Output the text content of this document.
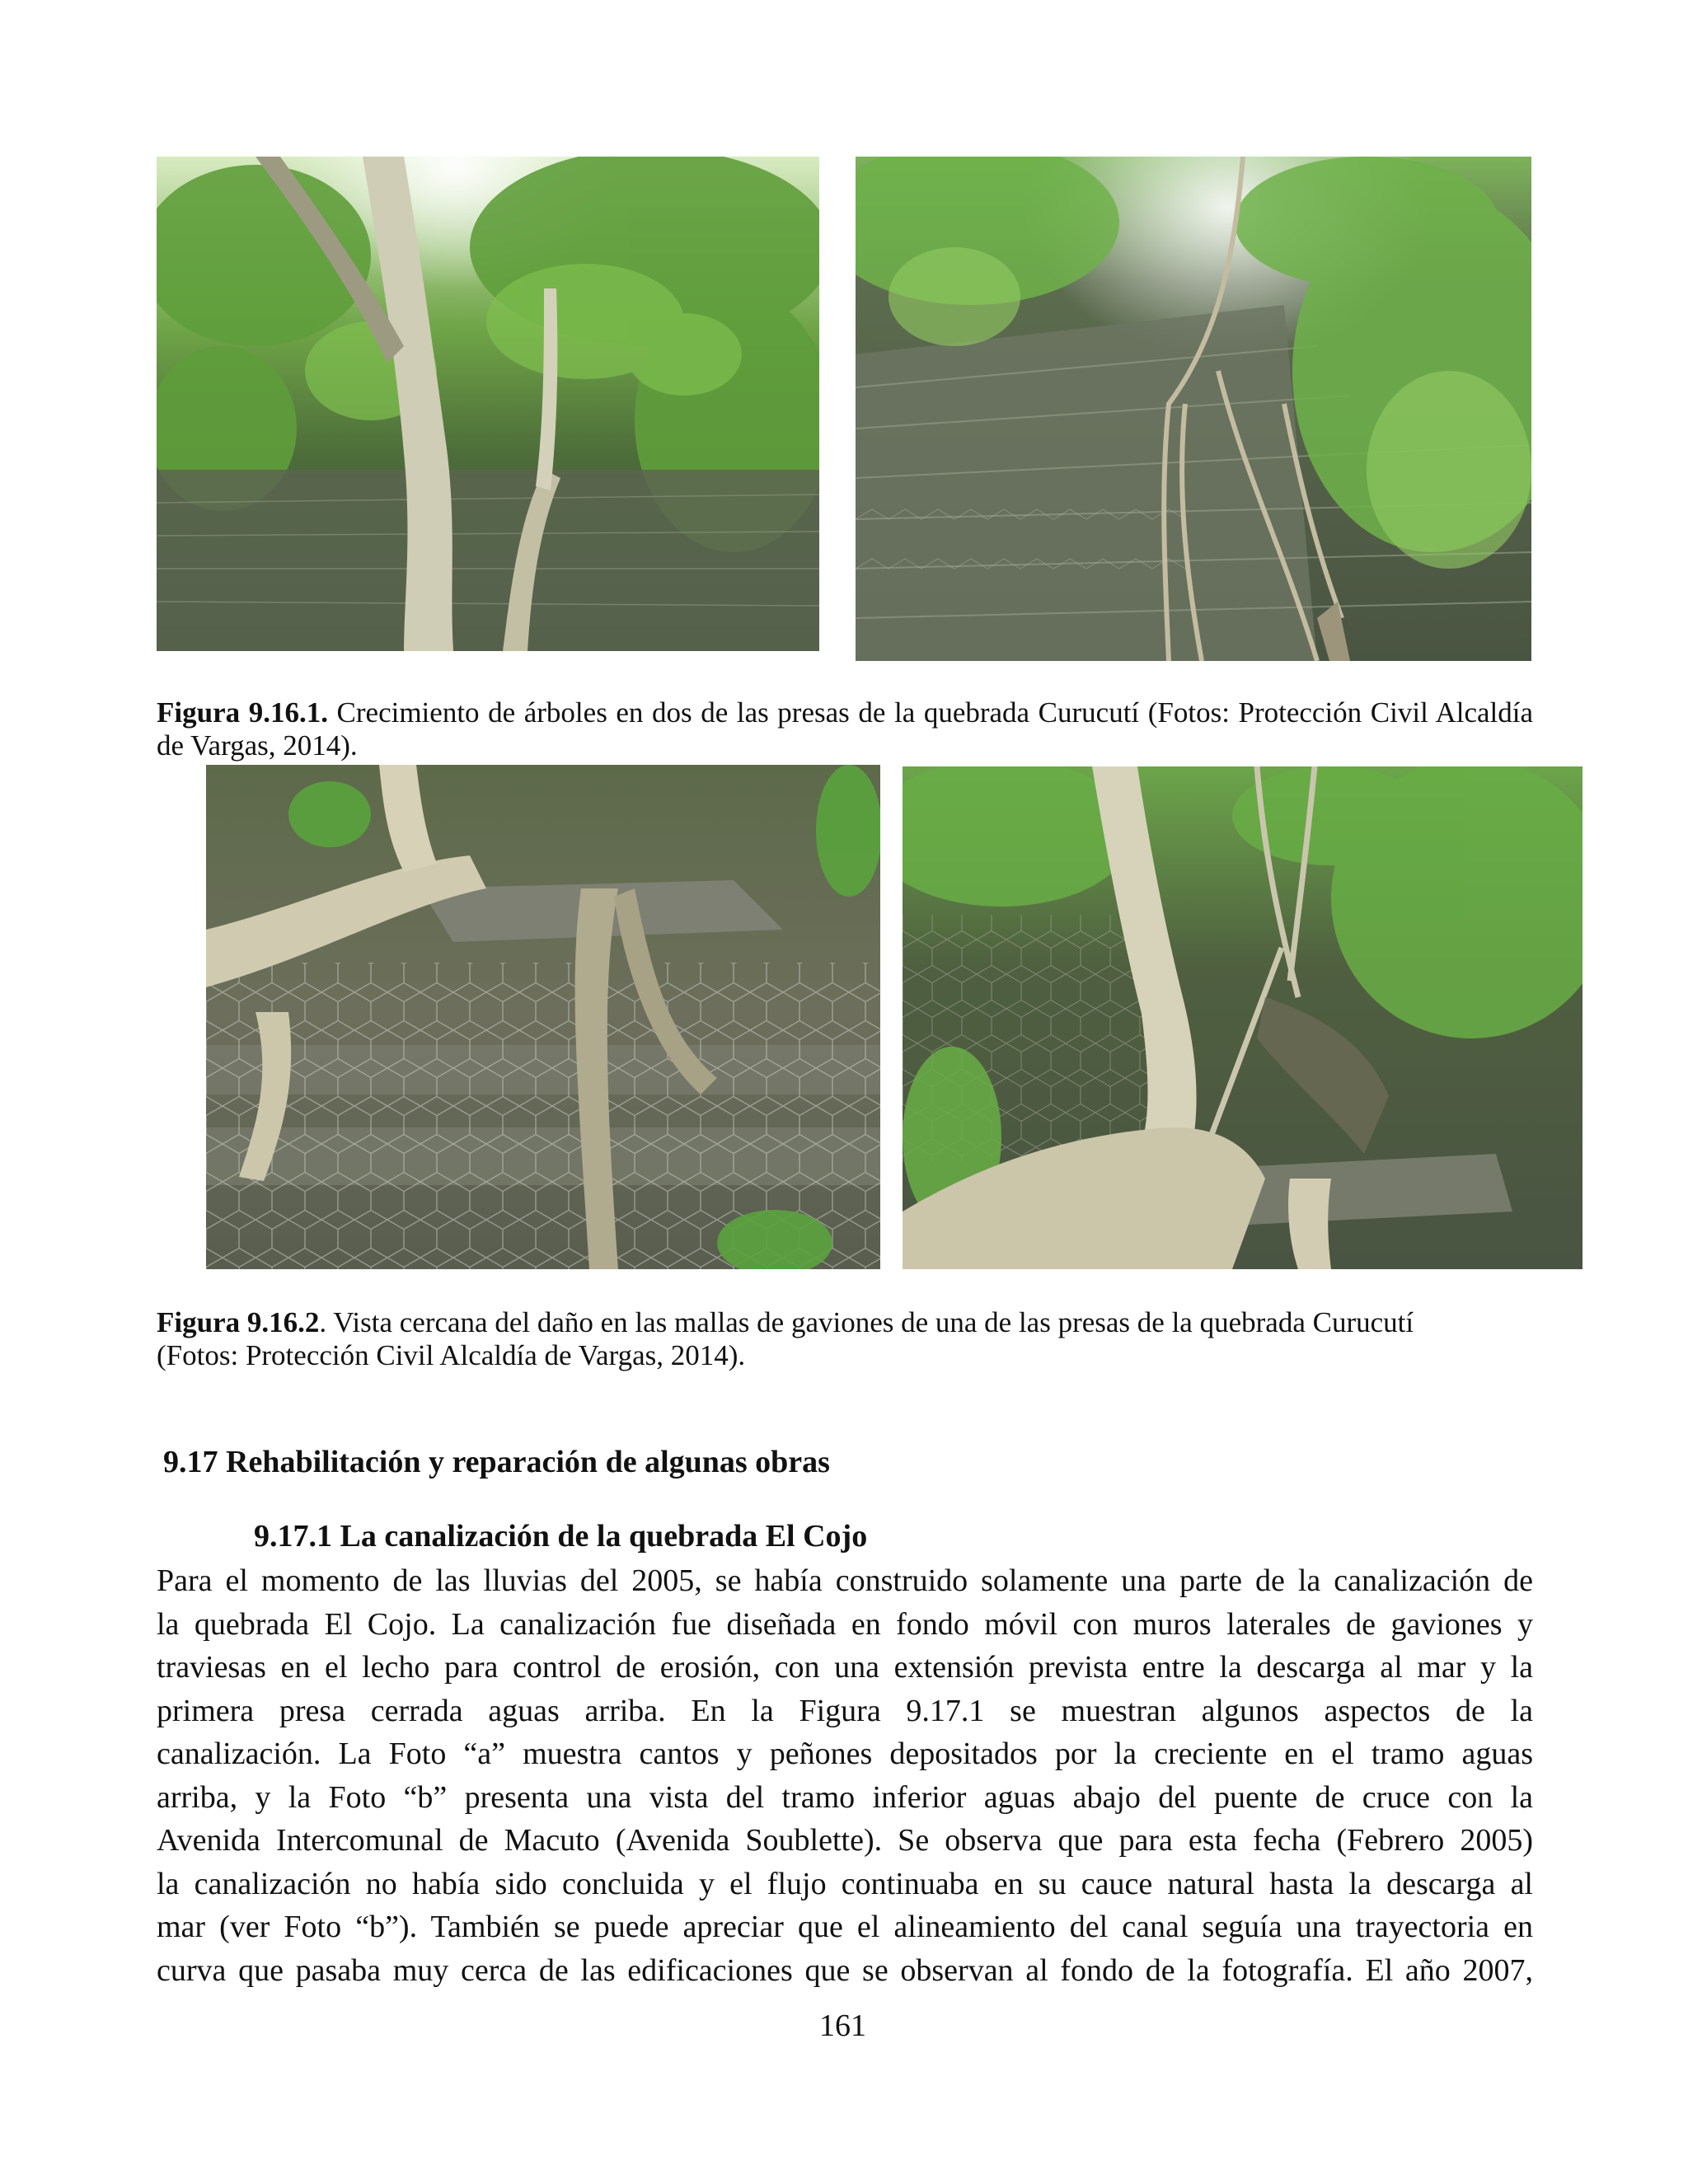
Figura 9.16.1. Crecimiento de árboles en dos de las presas de la quebrada Curucutí (Fotos: Protección Civil Alcaldía de Vargas, 2014).
Figura 9.16.2. Vista cercana del daño en las mallas de gaviones de una de las presas de la quebrada Curucutí (Fotos: Protección Civil Alcaldía de Vargas, 2014).
9.17 Rehabilitación y reparación de algunas obras
9.17.1 La canalización de la quebrada El Cojo
Para el momento de las lluvias del 2005, se había construido solamente una parte de la canalización de
la quebrada El Cojo. La canalización fue diseñada en fondo móvil con muros laterales de gaviones y
traviesas en el lecho para control de erosión, con una extensión prevista entre la descarga al mar y la
primera presa cerrada aguas arriba. En la Figura 9.17.1 se muestran algunos aspectos de la
canalización. La Foto “a” muestra cantos y peñones depositados por la creciente en el tramo aguas
arriba, y la Foto “b” presenta una vista del tramo inferior aguas abajo del puente de cruce con la
Avenida Intercomunal de Macuto (Avenida Soublette). Se observa que para esta fecha (Febrero 2005)
la canalización no había sido concluida y el flujo continuaba en su cauce natural hasta la descarga al
mar (ver Foto “b”). También se puede apreciar que el alineamiento del canal seguía una trayectoria en
curva que pasaba muy cerca de las edificaciones que se observan al fondo de la fotografía. El año 2007,
161
